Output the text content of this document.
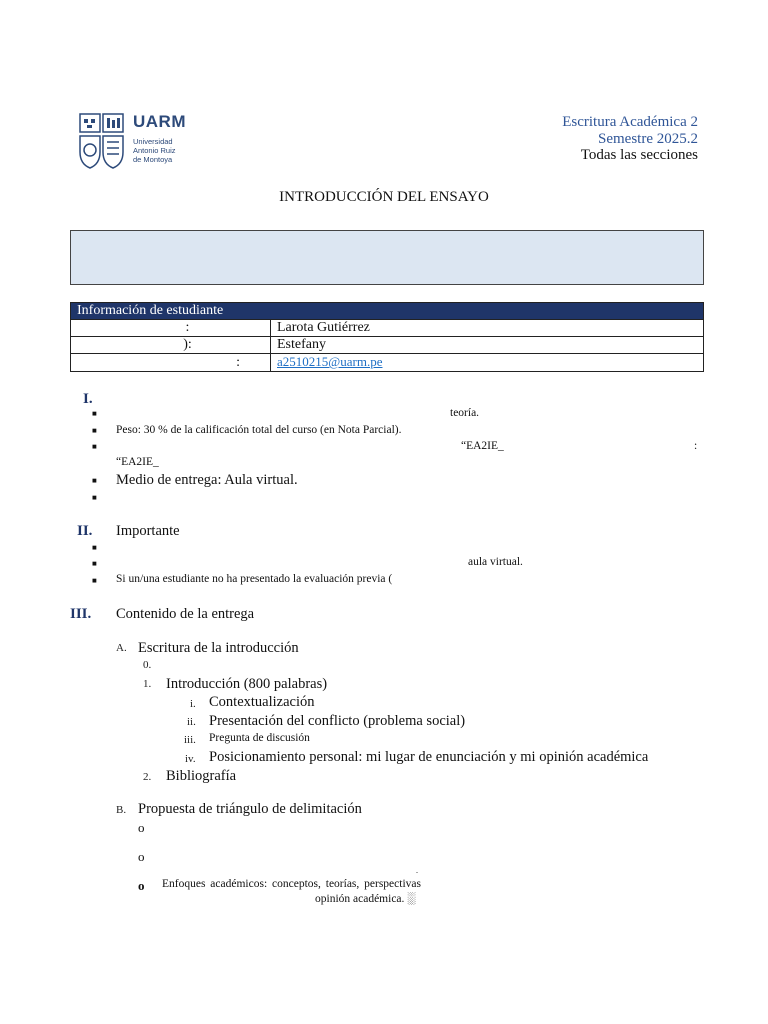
UARM
Universidad
Antonio Ruiz
de Montoya
Escritura Académica 2
Semestre 2025.2
Todas las secciones
INTRODUCCIÓN DEL ENSAYO
Información de estudiante	
:	Larota Gutiérrez
):	Estefany
:	a2510215@uarm.pe
I.
■	teoría.
■ Peso: 30 % de la calificación total del curso (en Nota Parcial).
■	“EA2IE_	:
“EA2IE_
■ Medio de entrega: Aula virtual.
■
II. Importante
■
■	aula virtual.
■ Si un/una estudiante no ha presentado la evaluación previa (
III. Contenido de la entrega
A. Escritura de la introducción
0.
1. Introducción (800 palabras)
i. Contextualización
ii. Presentación del conflicto (problema social)
iii. Pregunta de discusión
iv. Posicionamiento personal: mi lugar de enunciación y mi opinión académica
2. Bibliografía
B. Propuesta de triángulo de delimitación
o
o
.
o Enfoques académicos: conceptos, teorías, perspectivas
opinión académica. ░
